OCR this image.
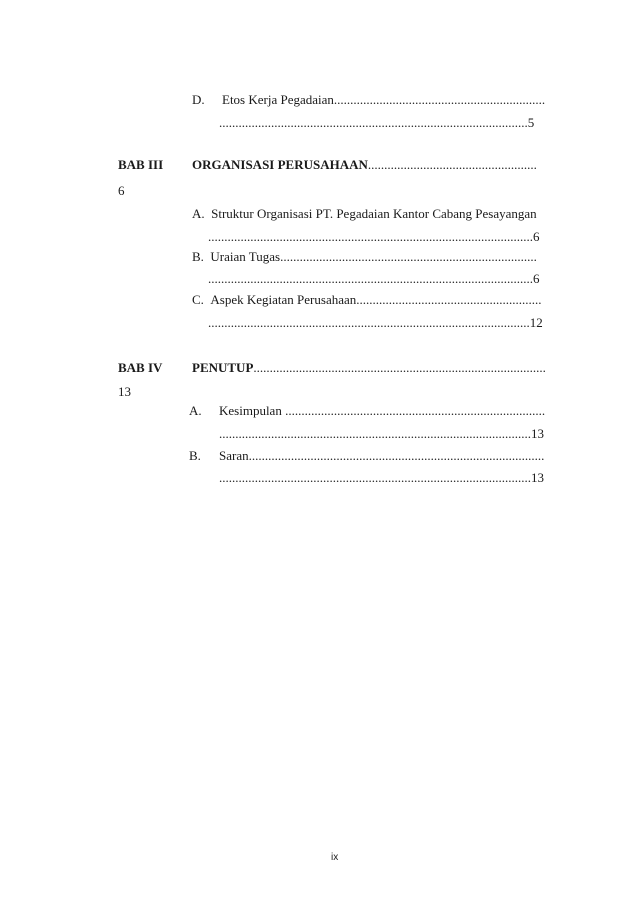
D. Etos Kerja Pegadaian.................................................................
...............................................................................................5
BAB III ORGANISASI PERUSAHAAN....................................................
6
A. Struktur Organisasi PT. Pegadaian Kantor Cabang Pesayangan
....................................................................................................6
B. Uraian Tugas...............................................................................
....................................................................................................6
C. Aspek Kegiatan Perusahaan.........................................................
...................................................................................................12
BAB IV PENUTUP..........................................................................................
13
A. Kesimpulan ................................................................................
................................................................................................13
B. Saran...........................................................................................
................................................................................................13
ix
